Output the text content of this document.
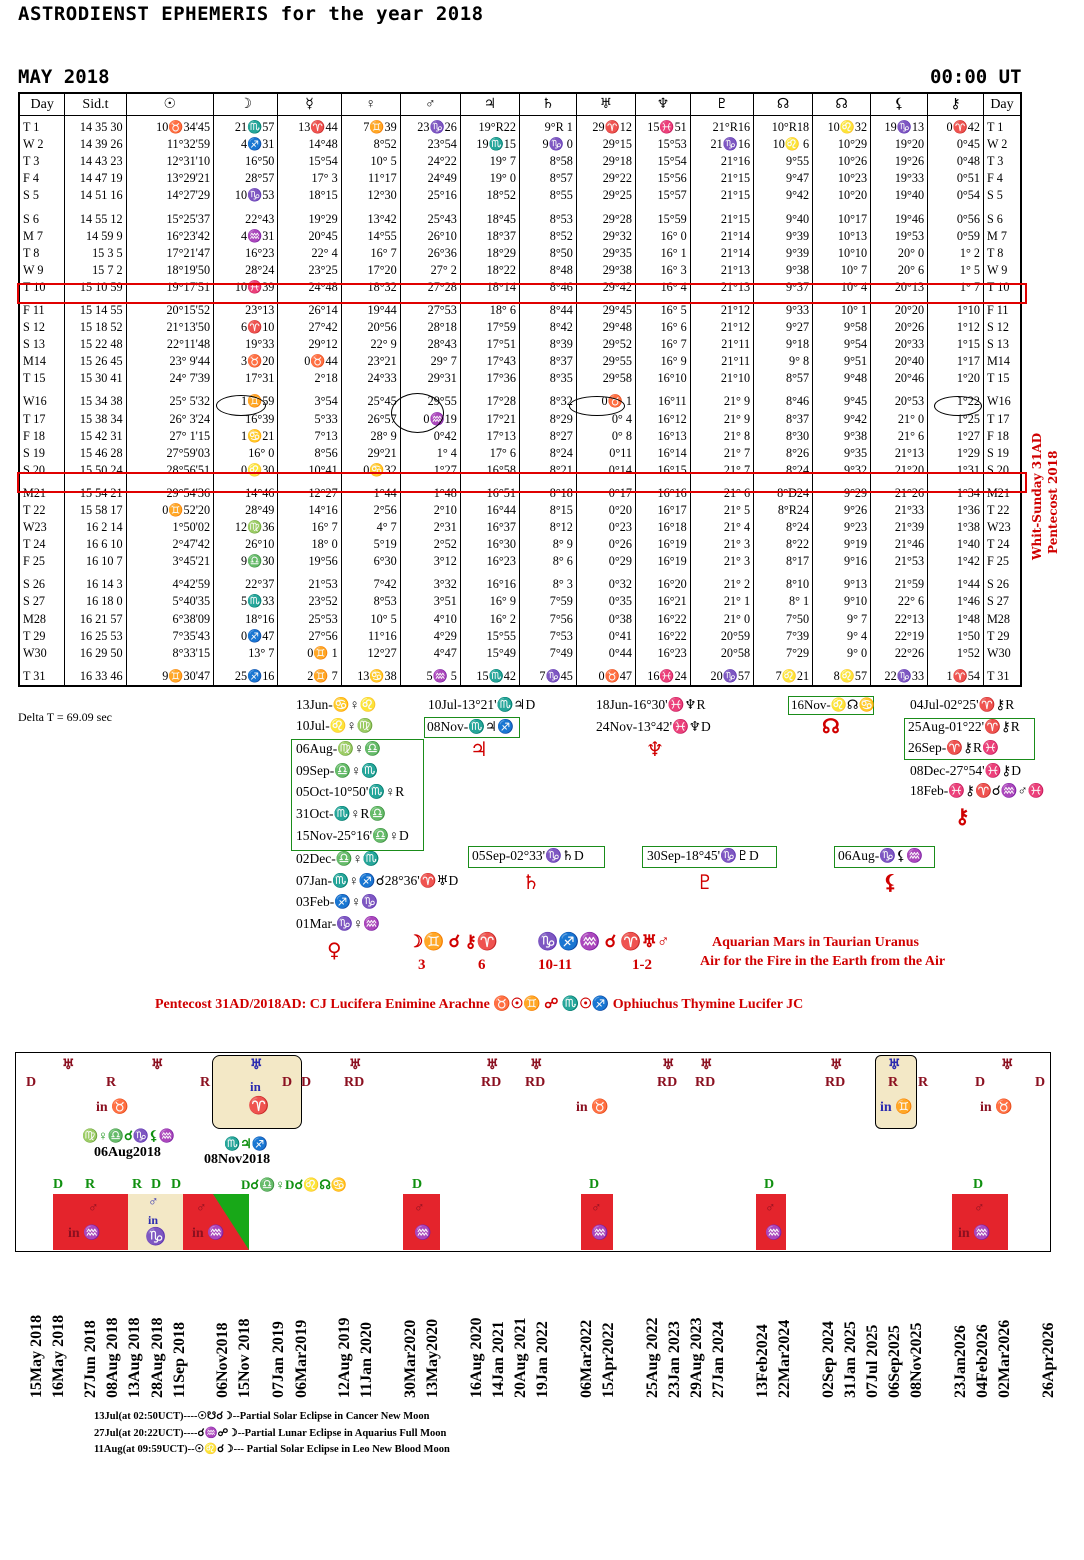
ASTRODIENST EPHEMERIS for the year 2018
MAY 2018	00:00 UT
Day	Sid.t	☉	☽	☿	♀	♂	♃	♄	♅	♆	♇	☊	☊	⚸	⚷	Day
T 1	14 35 30	10♉34'45	21♏57	13♈44	7♊39	23♑26	19°R22	9°R 1	29♈12	15♓51	21°R16	10°R18	10♌32	19♑13	0♈42	T 1
W 2	14 39 26	11°32'59	4♐31	14°48	8°52	23°54	19♏15	9♑ 0	29°15	15°53	21♑16	10♌ 6	10°29	19°20	0°45	W 2
T 3	14 43 23	12°31'10	16°50	15°54	10° 5	24°22	19° 7	8°58	29°18	15°54	21°16	9°55	10°26	19°26	0°48	T 3
F 4	14 47 19	13°29'21	28°57	17° 3	11°17	24°49	19° 0	8°57	29°22	15°56	21°15	9°47	10°23	19°33	0°51	F 4
S 5	14 51 16	14°27'29	10♑53	18°15	12°30	25°16	18°52	8°55	29°25	15°57	21°15	9°42	10°20	19°40	0°54	S 5
S 6	14 55 12	15°25'37	22°43	19°29	13°42	25°43	18°45	8°53	29°28	15°59	21°15	9°40	10°17	19°46	0°56	S 6
M 7	14 59 9	16°23'42	4♒31	20°45	14°55	26°10	18°37	8°52	29°32	16° 0	21°14	9°39	10°13	19°53	0°59	M 7
T 8	15 3 5	17°21'47	16°23	22° 4	16° 7	26°36	18°29	8°50	29°35	16° 1	21°14	9°39	10°10	20° 0	1° 2	T 8
W 9	15 7 2	18°19'50	28°24	23°25	17°20	27° 2	18°22	8°48	29°38	16° 3	21°13	9°38	10° 7	20° 6	1° 5	W 9
T 10	15 10 59	19°17'51	10♓39	24°48	18°32	27°28	18°14	8°46	29°42	16° 4	21°13	9°37	10° 4	20°13	1° 7	T 10
F 11	15 14 55	20°15'52	23°13	26°14	19°44	27°53	18° 6	8°44	29°45	16° 5	21°12	9°33	10° 1	20°20	1°10	F 11
S 12	15 18 52	21°13'50	6♈10	27°42	20°56	28°18	17°59	8°42	29°48	16° 6	21°12	9°27	9°58	20°26	1°12	S 12
S 13	15 22 48	22°11'48	19°33	29°12	22° 9	28°43	17°51	8°39	29°52	16° 7	21°11	9°18	9°54	20°33	1°15	S 13
M14	15 26 45	23° 9'44	3♉20	0♉44	23°21	29° 7	17°43	8°37	29°55	16° 9	21°11	9° 8	9°51	20°40	1°17	M14
T 15	15 30 41	24° 7'39	17°31	2°18	24°33	29°31	17°36	8°35	29°58	16°10	21°10	8°57	9°48	20°46	1°20	T 15
W16	15 34 38	25° 5'32	1♊59	3°54	25°45	29°55	17°28	8°32	0♉ 1	16°11	21° 9	8°46	9°45	20°53	1°22	W16
T 17	15 38 34	26° 3'24	16°39	5°33	26°57	0♒19	17°21	8°29	0° 4	16°12	21° 9	8°37	9°42	21° 0	1°25	T 17
F 18	15 42 31	27° 1'15	1♋21	7°13	28° 9	0°42	17°13	8°27	0° 8	16°13	21° 8	8°30	9°38	21° 6	1°27	F 18
S 19	15 46 28	27°59'03	16° 0	8°56	29°21	1° 4	17° 6	8°24	0°11	16°14	21° 7	8°26	9°35	21°13	1°29	S 19
S 20	15 50 24	28°56'51	0♌30	10°41	0♋32	1°27	16°58	8°21	0°14	16°15	21° 7	8°24	9°32	21°20	1°31	S 20
M21	15 54 21	29°54'36	14°46	12°27	1°44	1°48	16°51	8°18	0°17	16°16	21° 6	8°D24	9°29	21°26	1°34	M21
T 22	15 58 17	0♊52'20	28°49	14°16	2°56	2°10	16°44	8°15	0°20	16°17	21° 5	8°R24	9°26	21°33	1°36	T 22
W23	16 2 14	1°50'02	12♍36	16° 7	4° 7	2°31	16°37	8°12	0°23	16°18	21° 4	8°24	9°23	21°39	1°38	W23
T 24	16 6 10	2°47'42	26°10	18° 0	5°19	2°52	16°30	8° 9	0°26	16°19	21° 3	8°22	9°19	21°46	1°40	T 24
F 25	16 10 7	3°45'21	9♎30	19°56	6°30	3°12	16°23	8° 6	0°29	16°19	21° 3	8°17	9°16	21°53	1°42	F 25
S 26	16 14 3	4°42'59	22°37	21°53	7°42	3°32	16°16	8° 3	0°32	16°20	21° 2	8°10	9°13	21°59	1°44	S 26
S 27	16 18 0	5°40'35	5♏33	23°52	8°53	3°51	16° 9	7°59	0°35	16°21	21° 1	8° 1	9°10	22° 6	1°46	S 27
M28	16 21 57	6°38'09	18°16	25°53	10° 5	4°10	16° 2	7°56	0°38	16°22	21° 0	7°50	9° 7	22°13	1°48	M28
T 29	16 25 53	7°35'43	0♐47	27°56	11°16	4°29	15°55	7°53	0°41	16°22	20°59	7°39	9° 4	22°19	1°50	T 29
W30	16 29 50	8°33'15	13° 7	0♊ 1	12°27	4°47	15°49	7°49	0°44	16°23	20°58	7°29	9° 0	22°26	1°52	W30
T 31	16 33 46	9♊30'47	25♐16	2♊ 7	13♋38	5♒ 5	15♏42	7♑45	0♉47	16♓24	20♑57	7♌21	8♌57	22♑33	1♈54	T 31
Whit-Sunday 31AD Pentecost 2018
Delta T = 69.09 sec
13Jun-♋♀♌
10Jul-♌♀♍
06Aug-♍♀♎
09Sep-♎♀♏
05Oct-10°50'♏♀R
31Oct-♏♀R♎
15Nov-25°16'♎♀D
02Dec-♎♀♏
07Jan-♏♀♐☌28°36'♈♅D
03Feb-♐♀♑
01Mar-♑♀♒
♀
10Jul-13°21'♏♃D
08Nov-♏♃♐
♃
18Jun-16°30'♓♆R
24Nov-13°42'♓♆D
♆
16Nov-♌☊♋
☊
04Jul-02°25'♈⚷R
25Aug-01°22'♈⚷R
26Sep-♈⚷R♓
08Dec-27°54'♓⚷D
18Feb-♓⚷♈☌♒♂♓
⚷
05Sep-02°33'♑♄D
♄
30Sep-18°45'♑♇D
♇
06Aug-♑⚸♒
⚸
☽♊ ☌ ⚷♈ ♑♐♒ ☌ ♈♅♂
3	6	10-11	1-2
Aquarian Mars in Taurian Uranus
Air for the Fire in the Earth from the Air
Pentecost 31AD/2018AD: CJ Lucifera Enimine Arachne ♉☉♊ ☍ ♏☉♐ Ophiuchus Thymine Lucifer JC
♅	♅	♅	♅	♅ ♅	♅ ♅	♅	♅	♅
D	R	R	in
♈
D D RD	RD RD	RD RD	RD	R R	D	D
in ♉	in ♉	in ♊	in ♉
♍♀♎☌♑⚸♒
06Aug2018
♏♃♐
08Nov2018
D R	R D D	D☌♎♀D☌♌☊♋	D	D	D	D
♂
in ♒
♂
in
♑
♂
in ♒
♂
♒
♂
♒
♂
♒
♂
in ♒
15May 2018 16May 2018 27Jun 2018 08Aug 2018 13Aug 2018 28Aug 2018 11Sep 2018 06Nov2018 15Nov 2018 07Jan 2019 06Mar2019 12Aug 2019 11Jan 2020 30Mar2020 13May2020 16Aug 2020 14Jan 2021 20Aug 2021 19Jan 2022 06Mar2022 15Apr2022 25Aug 2022 23Jan 2023 29Aug 2023 27Jan 2024 13Feb2024 22Mar2024 02Sep 2024 31Jan 2025 07Jul 2025 06Sep2025 08Nov2025 23Jan2026 04Feb2026 02Mar2026 26Apr2026
13Jul(at 02:50UCT)----☉☋☌☽--Partial Solar Eclipse in Cancer New Moon
27Jul(at 20:22UCT)----☌♒☍☽--Partial Lunar Eclipse in Aquarius Full Moon
11Aug(at 09:59UCT)--☉♌☌☽--- Partial Solar Eclipse in Leo New Blood Moon
